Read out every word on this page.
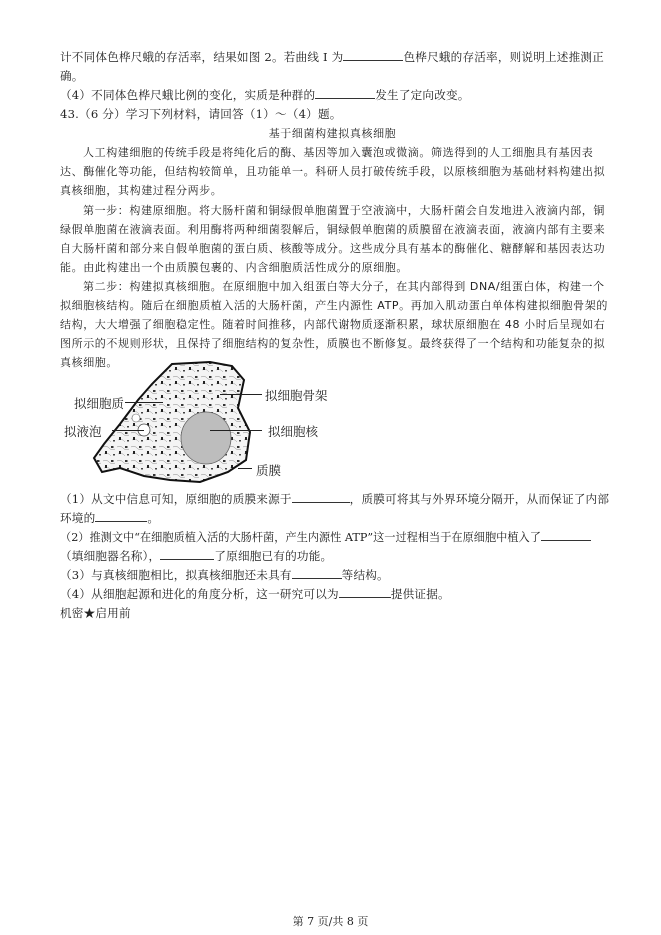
计不同体色桦尺蛾的存活率，结果如图 2。若曲线 I 为	色桦尺蛾的存活率，则说明上述推测正
确。
（4）不同体色桦尺蛾比例的变化，实质是种群的	发生了定向改变。
43.（6 分）学习下列材料，请回答（1）～（4）题。
基于细菌构建拟真核细胞
人工构建细胞的传统手段是将纯化后的酶、基因等加入囊泡或微滴。筛选得到的人工细胞具有基因表
达、酶催化等功能，但结构较简单，且功能单一。科研人员打破传统手段，以原核细胞为基础材料构建出拟
真核细胞，其构建过程分两步。
第一步：构建原细胞。将大肠杆菌和铜绿假单胞菌置于空液滴中，大肠杆菌会自发地进入液滴内部，铜
绿假单胞菌在液滴表面。利用酶将两种细菌裂解后，铜绿假单胞菌的质膜留在液滴表面，液滴内部有主要来
自大肠杆菌和部分来自假单胞菌的蛋白质、核酸等成分。这些成分具有基本的酶催化、糖酵解和基因表达功
能。由此构建出一个由质膜包裹的、内含细胞质活性成分的原细胞。
第二步：构建拟真核细胞。在原细胞中加入组蛋白等大分子，在其内部得到 DNA/组蛋白体，构建一个
拟细胞核结构。随后在细胞质植入活的大肠杆菌，产生内源性 ATP。再加入肌动蛋白单体构建拟细胞骨架的
结构，大大增强了细胞稳定性。随着时间推移，内部代谢物质逐渐积累，球状原细胞在 48 小时后呈现如右
图所示的不规则形状，且保持了细胞结构的复杂性，质膜也不断修复。最终获得了一个结构和功能复杂的拟
真核细胞。
拟细胞质
拟液泡
拟细胞骨架
拟细胞核
质膜
（1）从文中信息可知，原细胞的质膜来源于	，质膜可将其与外界环境分隔开，从而保证了内部
环境的	。
（2）推测文中“在细胞质植入活的大肠杆菌，产生内源性 ATP”这一过程相当于在原细胞中植入了
（填细胞器名称），	了原细胞已有的功能。
（3）与真核细胞相比，拟真核细胞还未具有	等结构。
（4）从细胞起源和进化的角度分析，这一研究可以为	提供证据。
机密★启用前
第 7 页/共 8 页
